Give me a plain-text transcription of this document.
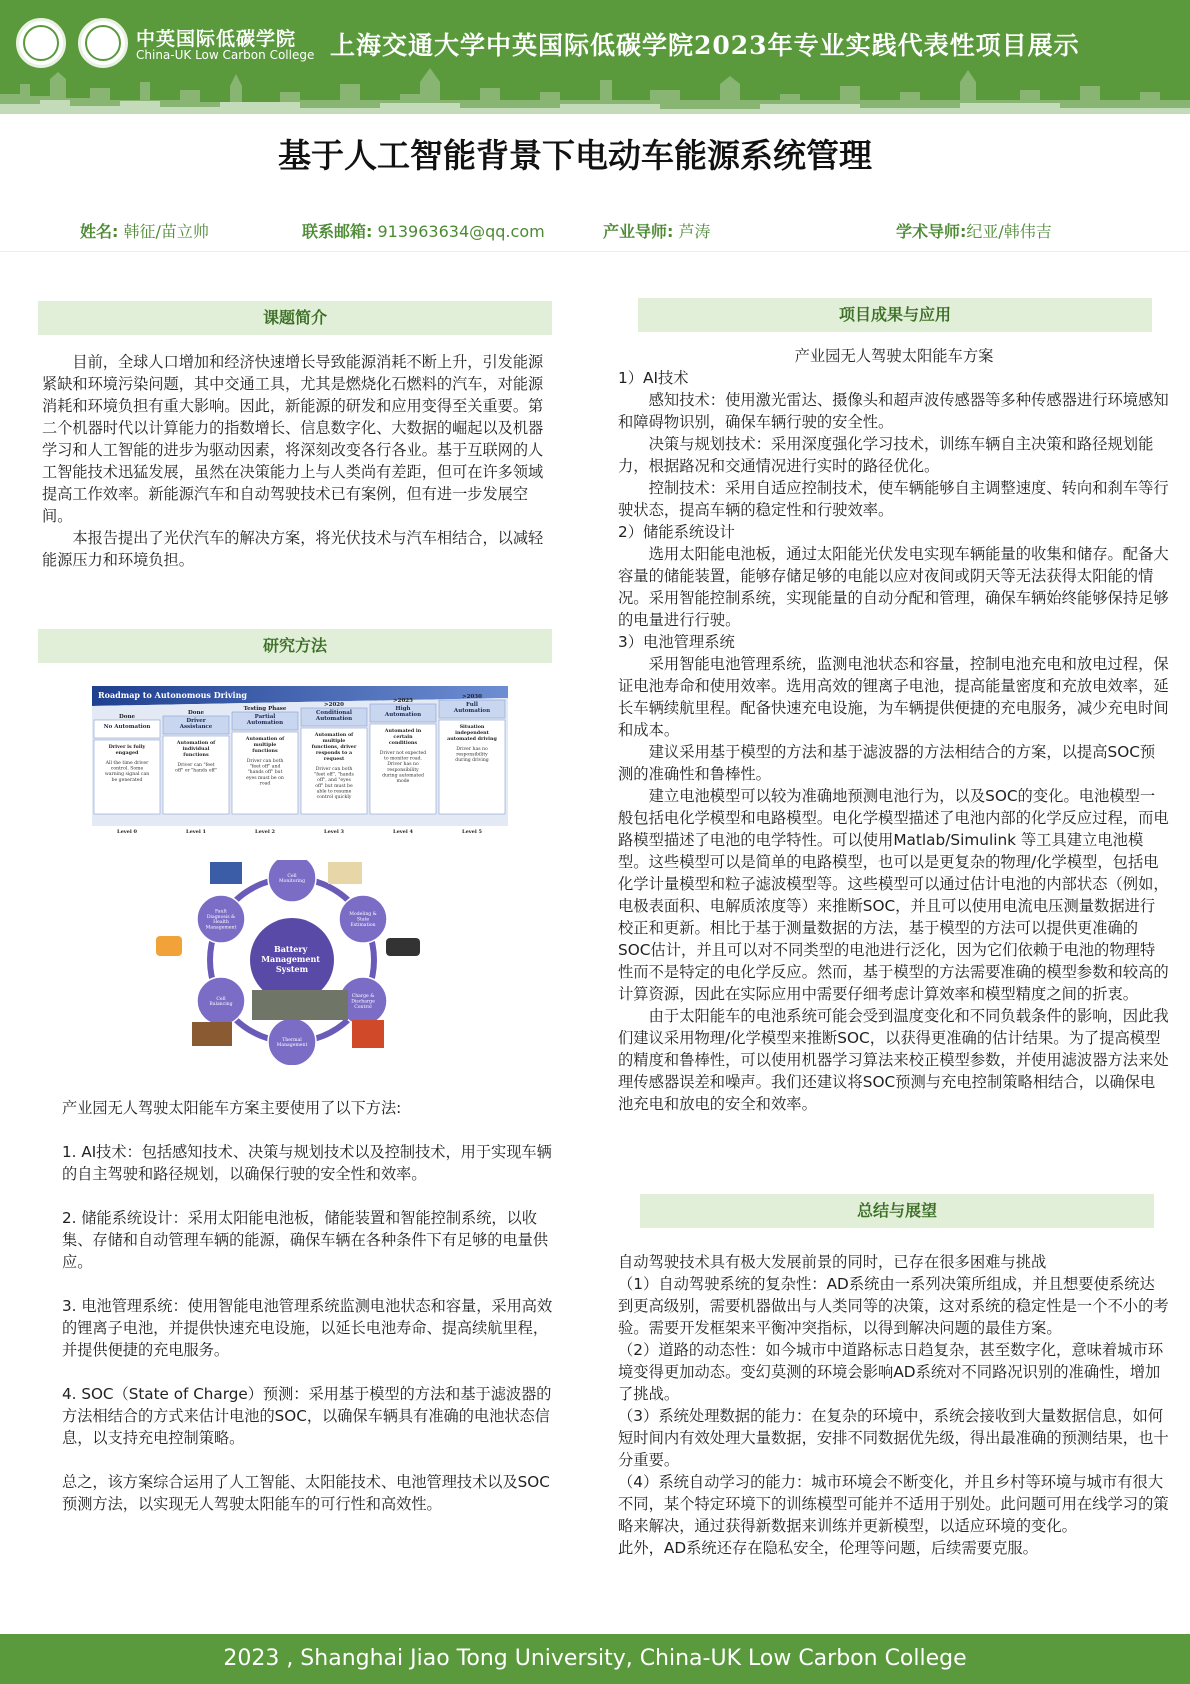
中英国际低碳学院
China-UK Low Carbon College 上海交通大学中英国际低碳学院2023年专业实践代表性项目展示
基于人工智能背景下电动车能源系统管理
姓名: 韩征/苗立帅	联系邮箱: 913963634@qq.com	产业导师: 芦涛	学术导师:纪亚/韩伟吉
课题简介

目前，全球人口增加和经济快速增长导致能源消耗不断上升，引发能源紧缺和环境污染问题，其中交通工具，尤其是燃烧化石燃料的汽车，对能源消耗和环境负担有重大影响。因此，新能源的研发和应用变得至关重要。第二个机器时代以计算能力的指数增长、信息数字化、大数据的崛起以及机器学习和人工智能的进步为驱动因素，将深刻改变各行各业。基于互联网的人工智能技术迅猛发展，虽然在决策能力上与人类尚有差距，但可在许多领域提高工作效率。新能源汽车和自动驾驶技术已有案例，但有进一步发展空间。

本报告提出了光伏汽车的解决方案，将光伏技术与汽车相结合，以减轻能源压力和环境负担。

研究方法
Roadmap to Autonomous Driving
Done
No Automation
Driver is fully
engaged
All the time driver
control. Some
warning signal can
be generated
Level 0
Done
Driver
Assistance
Automation of
individual
functions
Driver can "feet
off" or "hands off"
Level 1
Testing Phase
Partial
Automation
Automation of
multiple
functions
Driver can both
"feet off" and
"hands off" but
eyes must be on
road
Level 2
>2020
Conditional
Automation
Automation of
multiple
functions, driver
responds to a
request
Driver can both
"feet off", "hands
off", and "eyes
off" but must be
able to resume
control quickly
Level 3
>2025
High
Automation
Automated in
certain
conditions
Driver not expected
to monitor road.
Driver has no
responsibility
during automated
mode
Level 4
>2030
Full
Automation
Situation
independent
automated driving
Driver has no
responsibility
during driving
Level 5
Battery Management System
Cell Monitoring
Modeling & State Estimation
Charge & Discharge Control
Thermal Management
Cell Balancing
Fault Diagnosis & Health Management

产业园无人驾驶太阳能车方案主要使用了以下方法:

1. AI技术：包括感知技术、决策与规划技术以及控制技术，用于实现车辆的自主驾驶和路径规划，以确保行驶的安全性和效率。

2. 储能系统设计：采用太阳能电池板，储能装置和智能控制系统，以收集、存储和自动管理车辆的能源，确保车辆在各种条件下有足够的电量供应。

3. 电池管理系统：使用智能电池管理系统监测电池状态和容量，采用高效的锂离子电池，并提供快速充电设施，以延长电池寿命、提高续航里程，并提供便捷的充电服务。

4. SOC（State of Charge）预测：采用基于模型的方法和基于滤波器的方法相结合的方式来估计电池的SOC，以确保车辆具有准确的电池状态信息，以支持充电控制策略。

总之，该方案综合运用了人工智能、太阳能技术、电池管理技术以及SOC预测方法，以实现无人驾驶太阳能车的可行性和高效性。

项目成果与应用

产业园无人驾驶太阳能车方案

1）AI技术

感知技术：使用激光雷达、摄像头和超声波传感器等多种传感器进行环境感知和障碍物识别，确保车辆行驶的安全性。

决策与规划技术：采用深度强化学习技术，训练车辆自主决策和路径规划能力，根据路况和交通情况进行实时的路径优化。

控制技术：采用自适应控制技术，使车辆能够自主调整速度、转向和刹车等行驶状态，提高车辆的稳定性和行驶效率。

2）储能系统设计

选用太阳能电池板，通过太阳能光伏发电实现车辆能量的收集和储存。配备大容量的储能装置，能够存储足够的电能以应对夜间或阴天等无法获得太阳能的情况。采用智能控制系统，实现能量的自动分配和管理，确保车辆始终能够保持足够的电量进行行驶。

3）电池管理系统

采用智能电池管理系统，监测电池状态和容量，控制电池充电和放电过程，保证电池寿命和使用效率。选用高效的锂离子电池，提高能量密度和充放电效率，延长车辆续航里程。配备快速充电设施，为车辆提供便捷的充电服务，减少充电时间和成本。

建议采用基于模型的方法和基于滤波器的方法相结合的方案，以提高SOC预测的准确性和鲁棒性。

建立电池模型可以较为准确地预测电池行为，以及SOC的变化。电池模型一般包括电化学模型和电路模型。电化学模型描述了电池内部的化学反应过程，而电路模型描述了电池的电学特性。可以使用Matlab/Simulink 等工具建立电池模型。这些模型可以是简单的电路模型，也可以是更复杂的物理/化学模型，包括电化学计量模型和粒子滤波模型等。这些模型可以通过估计电池的内部状态（例如，电极表面积、电解质浓度等）来推断SOC，并且可以使用电流电压测量数据进行校正和更新。相比于基于测量数据的方法，基于模型的方法可以提供更准确的SOC估计，并且可以对不同类型的电池进行泛化，因为它们依赖于电池的物理特性而不是特定的电化学反应。然而，基于模型的方法需要准确的模型参数和较高的计算资源，因此在实际应用中需要仔细考虑计算效率和模型精度之间的折衷。

由于太阳能车的电池系统可能会受到温度变化和不同负载条件的影响，因此我们建议采用物理/化学模型来推断SOC，以获得更准确的估计结果。为了提高模型的精度和鲁棒性，可以使用机器学习算法来校正模型参数，并使用滤波器方法来处理传感器误差和噪声。我们还建议将SOC预测与充电控制策略相结合，以确保电池充电和放电的安全和效率。

总结与展望

自动驾驶技术具有极大发展前景的同时，已存在很多困难与挑战

（1）自动驾驶系统的复杂性：AD系统由一系列决策所组成，并且想要使系统达到更高级别，需要机器做出与人类同等的决策，这对系统的稳定性是一个不小的考验。需要开发框架来平衡冲突指标，以得到解决问题的最佳方案。

（2）道路的动态性：如今城市中道路标志日趋复杂，甚至数字化，意味着城市环境变得更加动态。变幻莫测的环境会影响AD系统对不同路况识别的准确性，增加了挑战。

（3）系统处理数据的能力：在复杂的环境中，系统会接收到大量数据信息，如何短时间内有效处理大量数据，安排不同数据优先级，得出最准确的预测结果，也十分重要。

（4）系统自动学习的能力：城市环境会不断变化，并且乡村等环境与城市有很大不同，某个特定环境下的训练模型可能并不适用于别处。此问题可用在线学习的策略来解决，通过获得新数据来训练并更新模型，以适应环境的变化。

此外，AD系统还存在隐私安全，伦理等问题，后续需要克服。

2023 , Shanghai Jiao Tong University, China-UK Low Carbon College
